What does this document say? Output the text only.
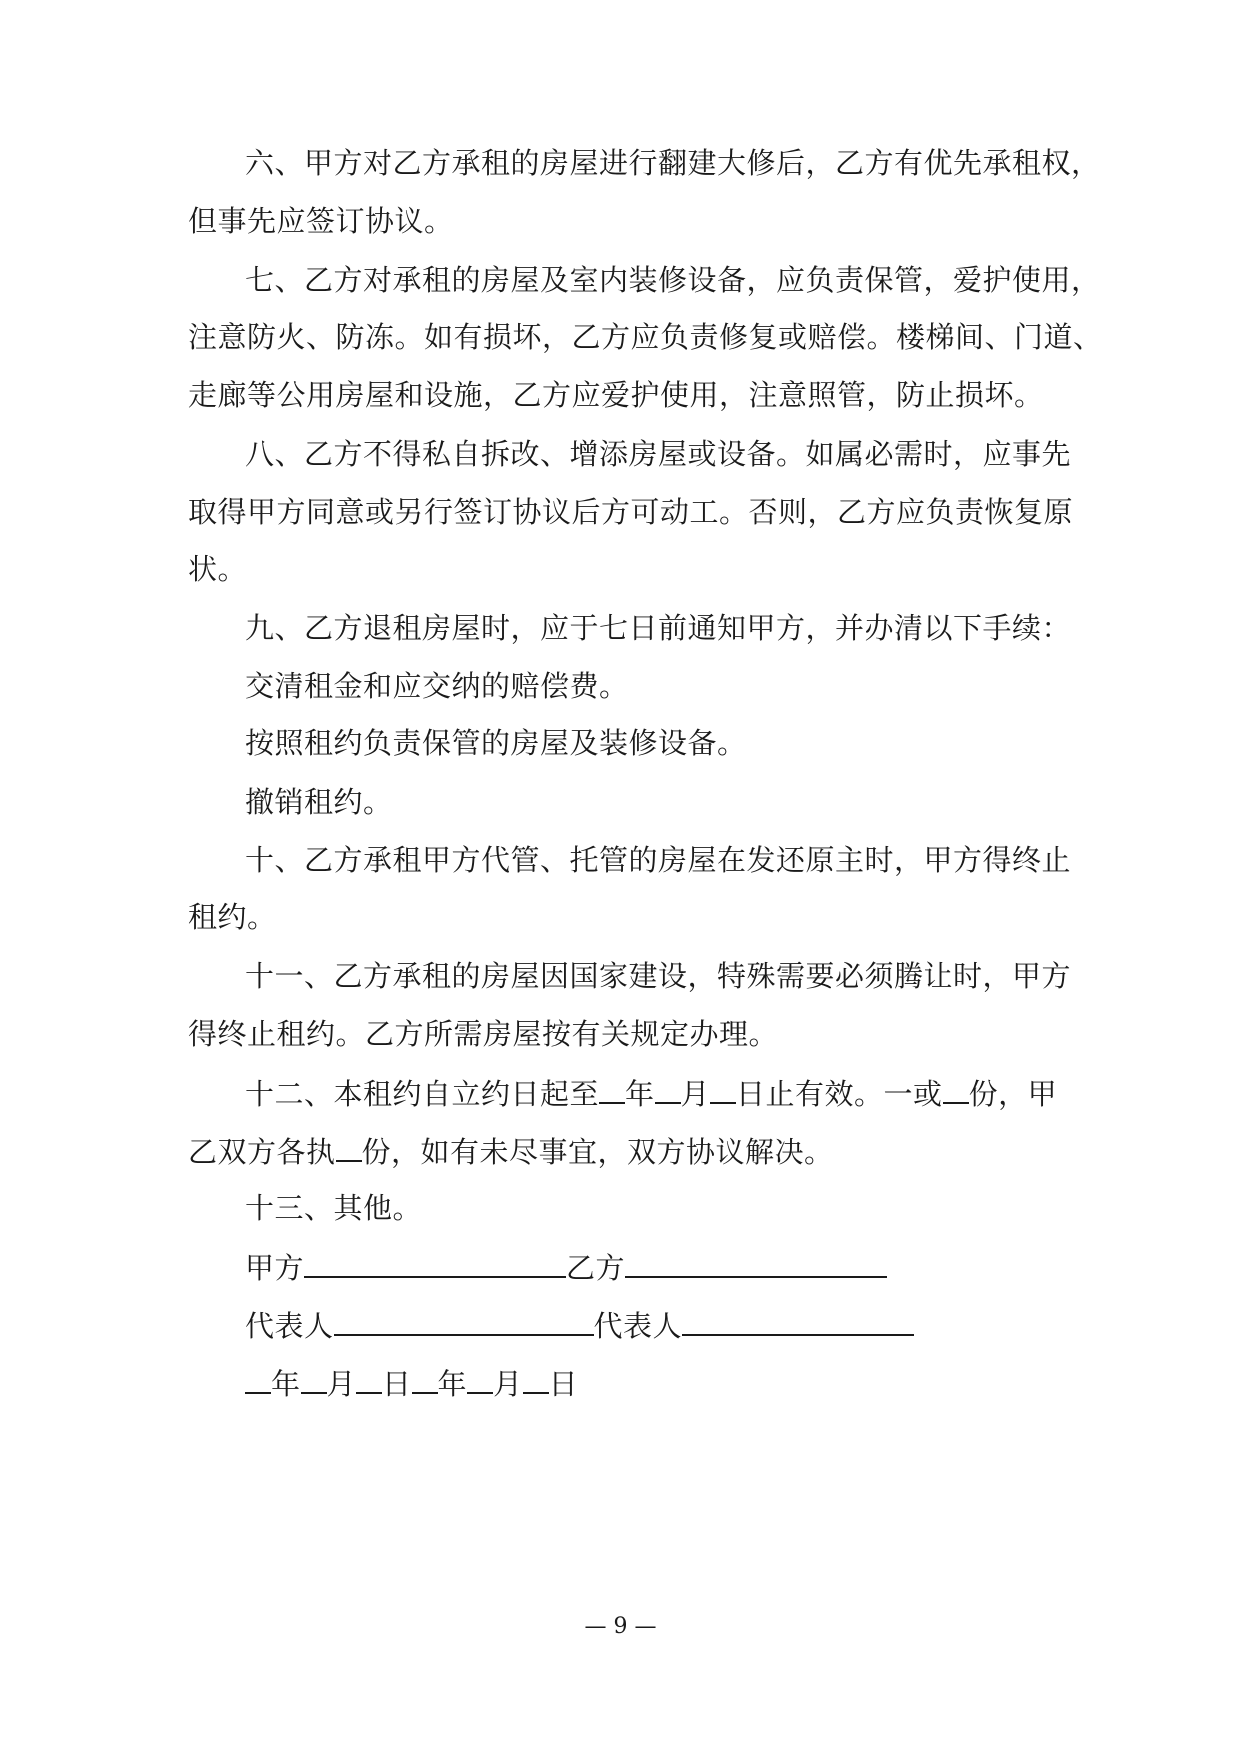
六、甲方对乙方承租的房屋进行翻建大修后，乙方有优先承租权，
但事先应签订协议。
七、乙方对承租的房屋及室内装修设备，应负责保管，爱护使用，
注意防火、防冻。如有损坏，乙方应负责修复或赔偿。楼梯间、门道、
走廊等公用房屋和设施，乙方应爱护使用，注意照管，防止损坏。
八、乙方不得私自拆改、增添房屋或设备。如属必需时，应事先
取得甲方同意或另行签订协议后方可动工。否则，乙方应负责恢复原
状。
九、乙方退租房屋时，应于七日前通知甲方，并办清以下手续：
交清租金和应交纳的赔偿费。
按照租约负责保管的房屋及装修设备。
撤销租约。
十、乙方承租甲方代管、托管的房屋在发还原主时，甲方得终止
租约。
十一、乙方承租的房屋因国家建设，特殊需要必须腾让时，甲方
得终止租约。乙方所需房屋按有关规定办理。
十二、本租约自立约日起至 年 月 日止有效。一或 份，甲
乙双方各执 份，如有未尽事宜，双方协议解决。
十三、其他。
甲方	乙方
代表人	代表人
年 月 日 年 月 日
— 9 —
